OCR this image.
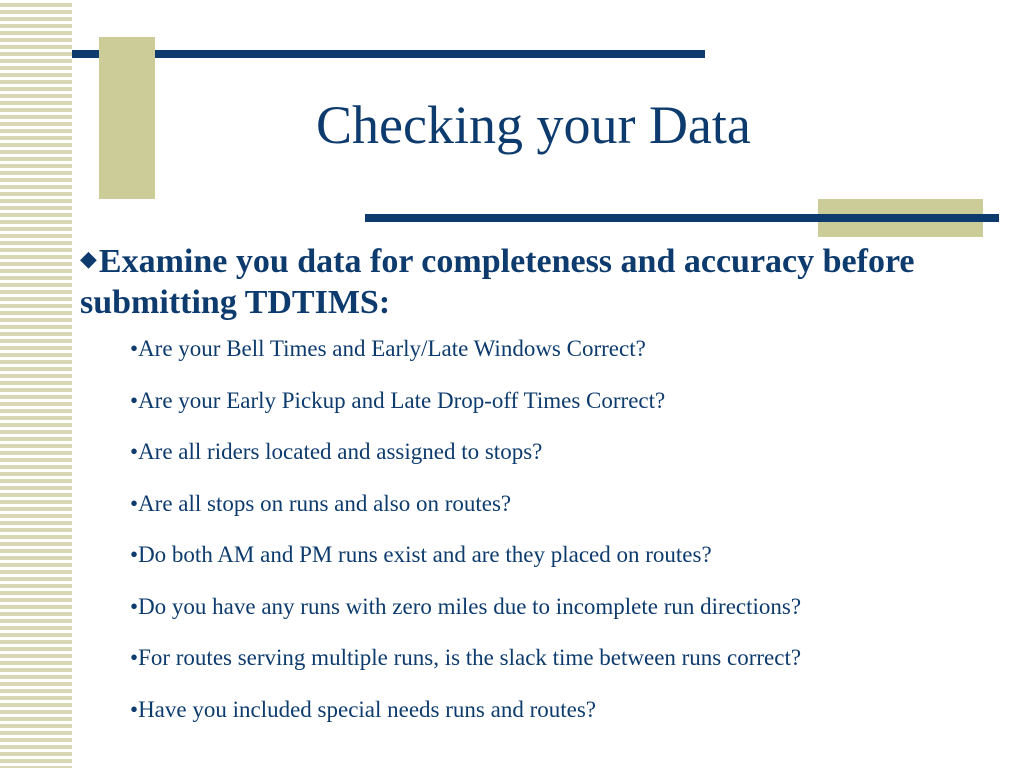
Checking your Data

◆Examine you data for completeness and accuracy before submitting TDTIMS:

•Are your Bell Times and Early/Late Windows Correct?
•Are your Early Pickup and Late Drop-off Times Correct?
•Are all riders located and assigned to stops?
•Are all stops on runs and also on routes?
•Do both AM and PM runs exist and are they placed on routes?
•Do you have any runs with zero miles due to incomplete run directions?
•For routes serving multiple runs, is the slack time between runs correct?
•Have you included special needs runs and routes?
